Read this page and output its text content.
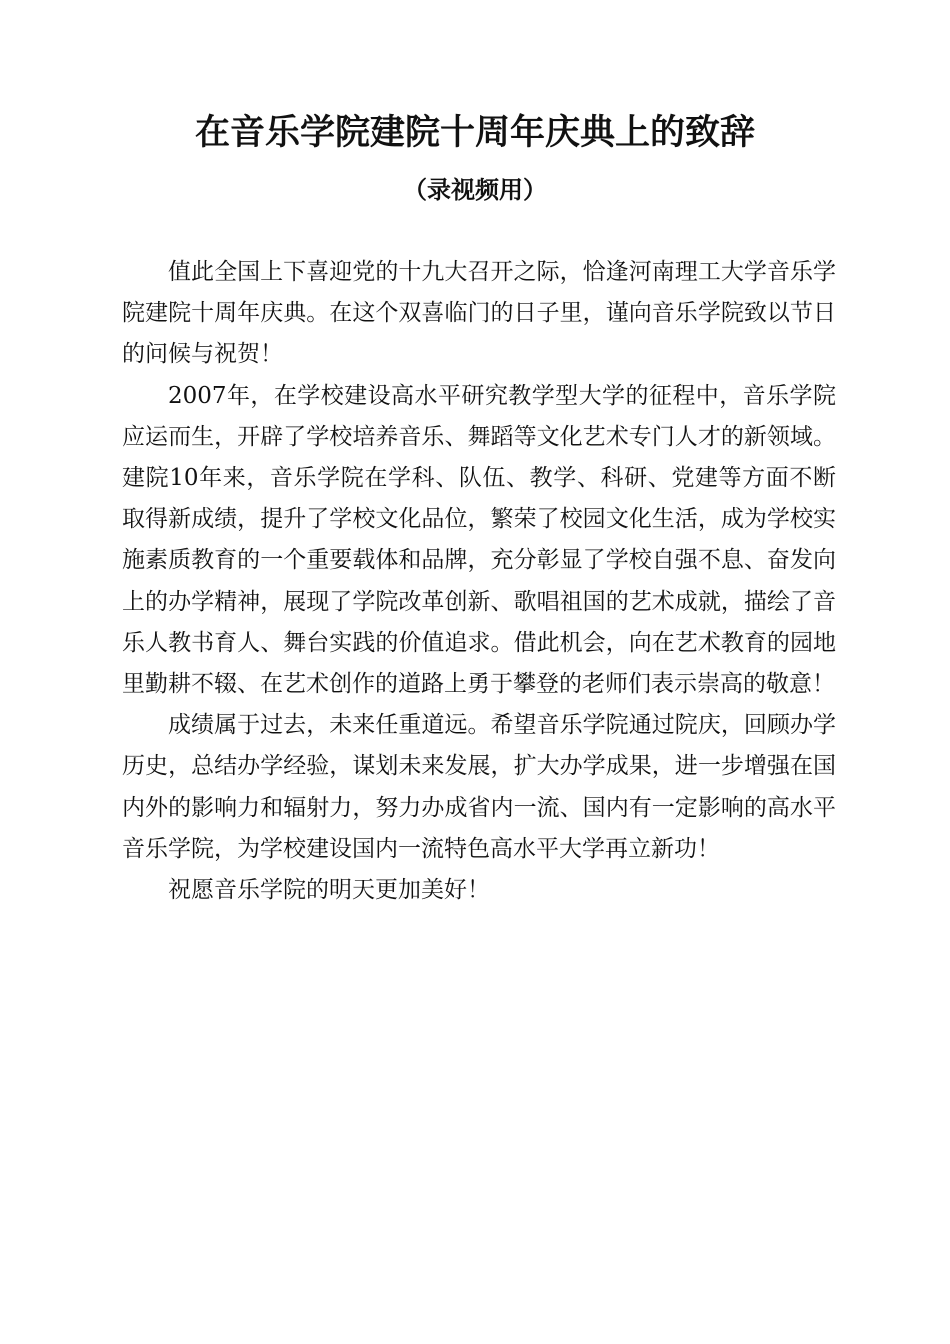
在音乐学院建院十周年庆典上的致辞
（录视频用）

值此全国上下喜迎党的十九大召开之际，恰逢河南理工大学音乐学院建院十周年庆典。在这个双喜临门的日子里，谨向音乐学院致以节日的问候与祝贺！

2007年，在学校建设高水平研究教学型大学的征程中，音乐学院应运而生，开辟了学校培养音乐、舞蹈等文化艺术专门人才的新领域。建院10年来，音乐学院在学科、队伍、教学、科研、党建等方面不断取得新成绩，提升了学校文化品位，繁荣了校园文化生活，成为学校实施素质教育的一个重要载体和品牌，充分彰显了学校自强不息、奋发向上的办学精神，展现了学院改革创新、歌唱祖国的艺术成就，描绘了音乐人教书育人、舞台实践的价值追求。借此机会，向在艺术教育的园地里勤耕不辍、在艺术创作的道路上勇于攀登的老师们表示崇高的敬意！

成绩属于过去，未来任重道远。希望音乐学院通过院庆，回顾办学历史，总结办学经验，谋划未来发展，扩大办学成果，进一步增强在国内外的影响力和辐射力，努力办成省内一流、国内有一定影响的高水平音乐学院，为学校建设国内一流特色高水平大学再立新功！

祝愿音乐学院的明天更加美好！
